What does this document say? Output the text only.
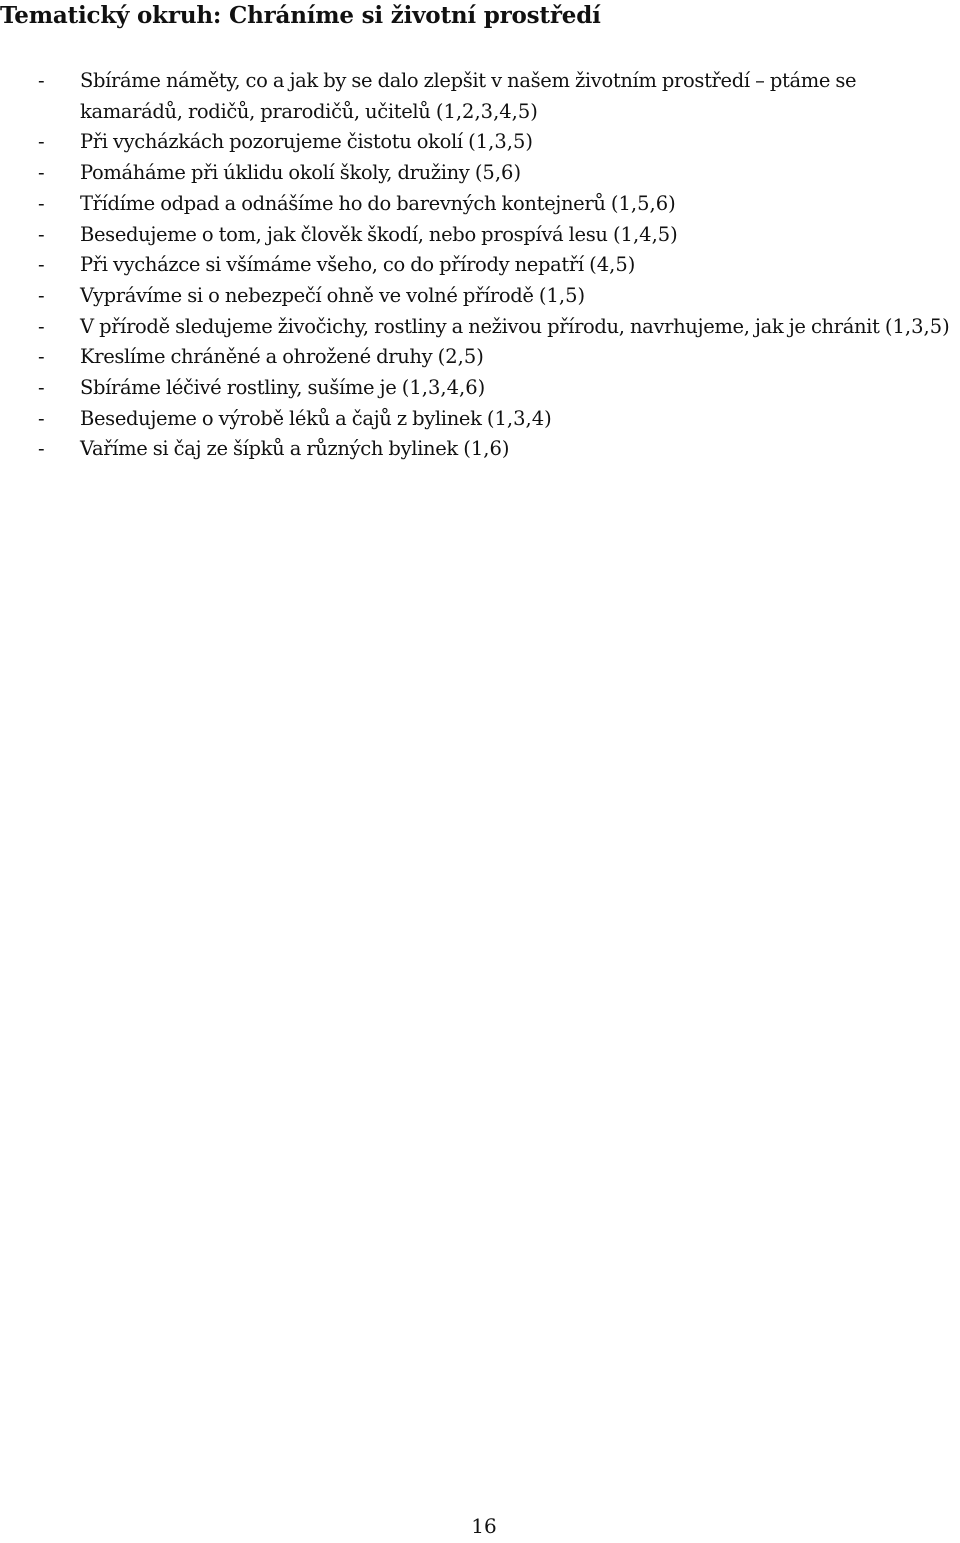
Tematický okruh: Chráníme si životní prostředí
- Sbíráme náměty, co a jak by se dalo zlepšit v našem životním prostředí – ptáme se kamarádů, rodičů, prarodičů, učitelů (1,2,3,4,5)
- Při vycházkách pozorujeme čistotu okolí (1,3,5)
- Pomáháme při úklidu okolí školy, družiny (5,6)
- Třídíme odpad a odnášíme ho do barevných kontejnerů (1,5,6)
- Besedujeme o tom, jak člověk škodí, nebo prospívá lesu (1,4,5)
- Při vycházce si všímáme všeho, co do přírody nepatří (4,5)
- Vyprávíme si o nebezpečí ohně ve volné přírodě (1,5)
- V přírodě sledujeme živočichy, rostliny a neživou přírodu, navrhujeme, jak je chránit (1,3,5)
- Kreslíme chráněné a ohrožené druhy (2,5)
- Sbíráme léčivé rostliny, sušíme je (1,3,4,6)
- Besedujeme o výrobě léků a čajů z bylinek (1,3,4)
- Vaříme si čaj ze šípků a různých bylinek (1,6)
16
